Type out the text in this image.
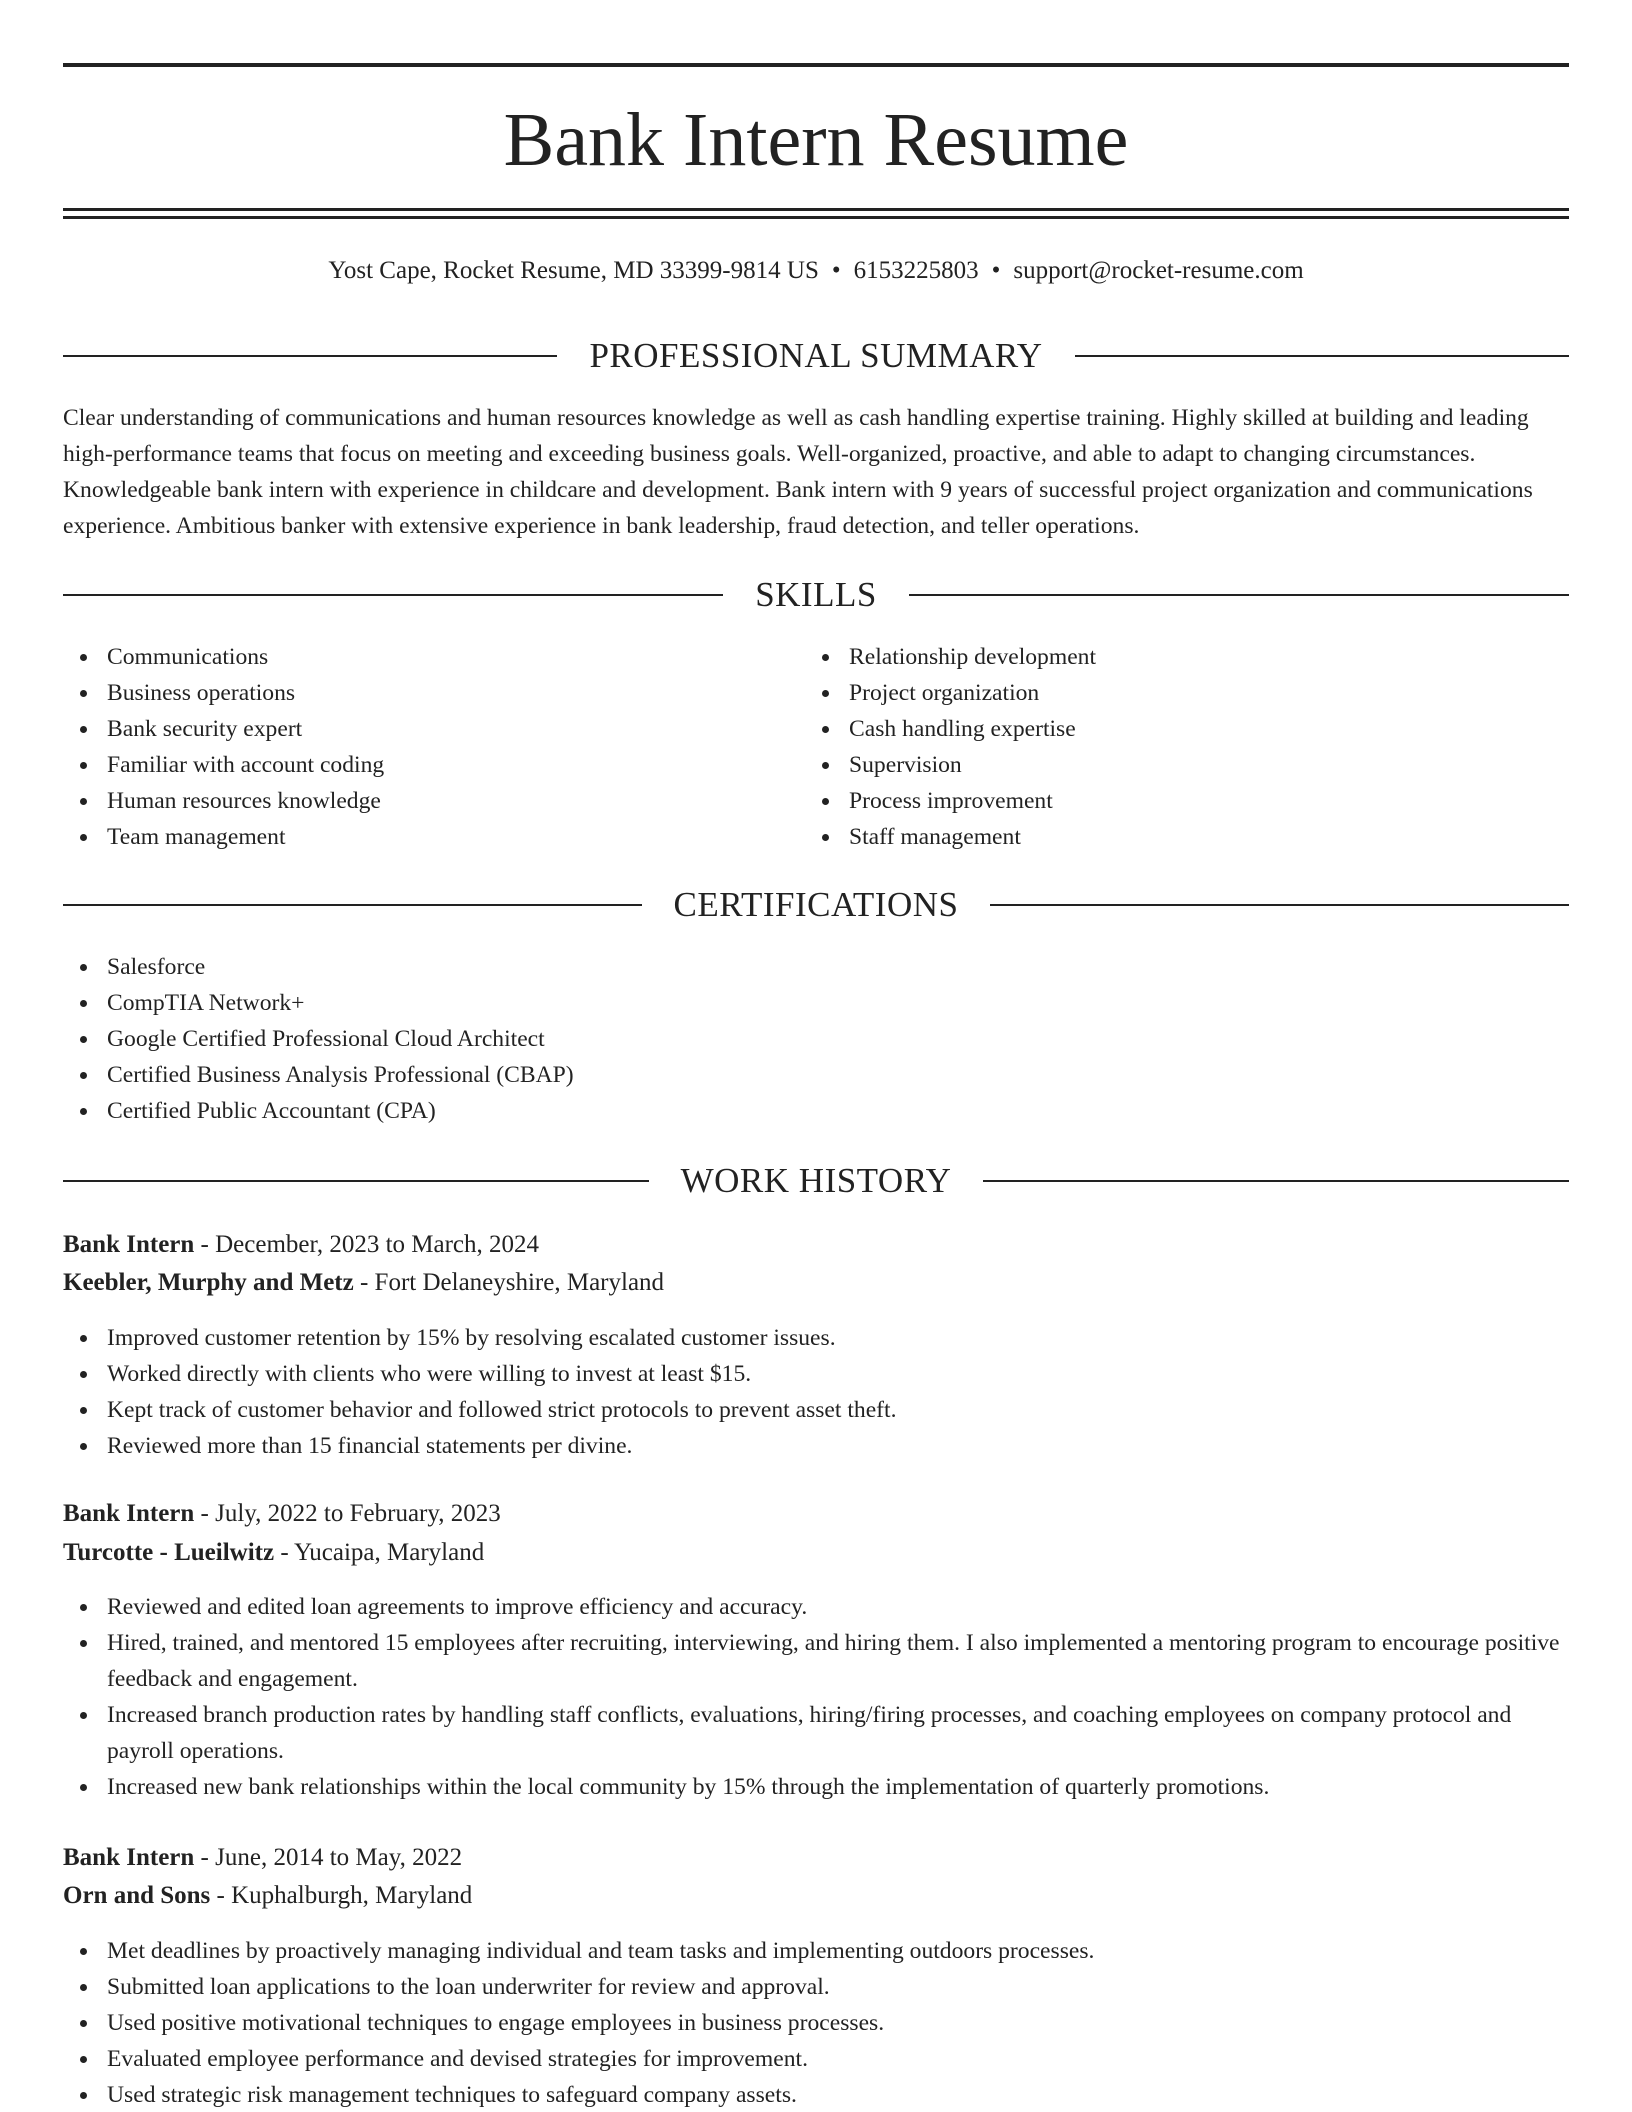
Bank Intern Resume
Yost Cape, Rocket Resume, MD 33399-9814 US • 6153225803 • support@rocket-resume.com
PROFESSIONAL SUMMARY

Clear understanding of communications and human resources knowledge as well as cash handling expertise training. Highly skilled at building and leading high-performance teams that focus on meeting and exceeding business goals. Well-organized, proactive, and able to adapt to changing circumstances. Knowledgeable bank intern with experience in childcare and development. Bank intern with 9 years of successful project organization and communications experience. Ambitious banker with extensive experience in bank leadership, fraud detection, and teller operations.

SKILLS
Communications
Business operations
Bank security expert
Familiar with account coding
Human resources knowledge
Team management
Relationship development
Project organization
Cash handling expertise
Supervision
Process improvement
Staff management
CERTIFICATIONS
Salesforce
CompTIA Network+
Google Certified Professional Cloud Architect
Certified Business Analysis Professional (CBAP)
Certified Public Accountant (CPA)
WORK HISTORY
Bank Intern - December, 2023 to March, 2024
Keebler, Murphy and Metz - Fort Delaneyshire, Maryland
Improved customer retention by 15% by resolving escalated customer issues.
Worked directly with clients who were willing to invest at least $15.
Kept track of customer behavior and followed strict protocols to prevent asset theft.
Reviewed more than 15 financial statements per divine.
Bank Intern - July, 2022 to February, 2023
Turcotte - Lueilwitz - Yucaipa, Maryland
Reviewed and edited loan agreements to improve efficiency and accuracy.
Hired, trained, and mentored 15 employees after recruiting, interviewing, and hiring them. I also implemented a mentoring program to encourage positive feedback and engagement.
Increased branch production rates by handling staff conflicts, evaluations, hiring/firing processes, and coaching employees on company protocol and payroll operations.
Increased new bank relationships within the local community by 15% through the implementation of quarterly promotions.
Bank Intern - June, 2014 to May, 2022
Orn and Sons - Kuphalburgh, Maryland
Met deadlines by proactively managing individual and team tasks and implementing outdoors processes.
Submitted loan applications to the loan underwriter for review and approval.
Used positive motivational techniques to engage employees in business processes.
Evaluated employee performance and devised strategies for improvement.
Used strategic risk management techniques to safeguard company assets.
